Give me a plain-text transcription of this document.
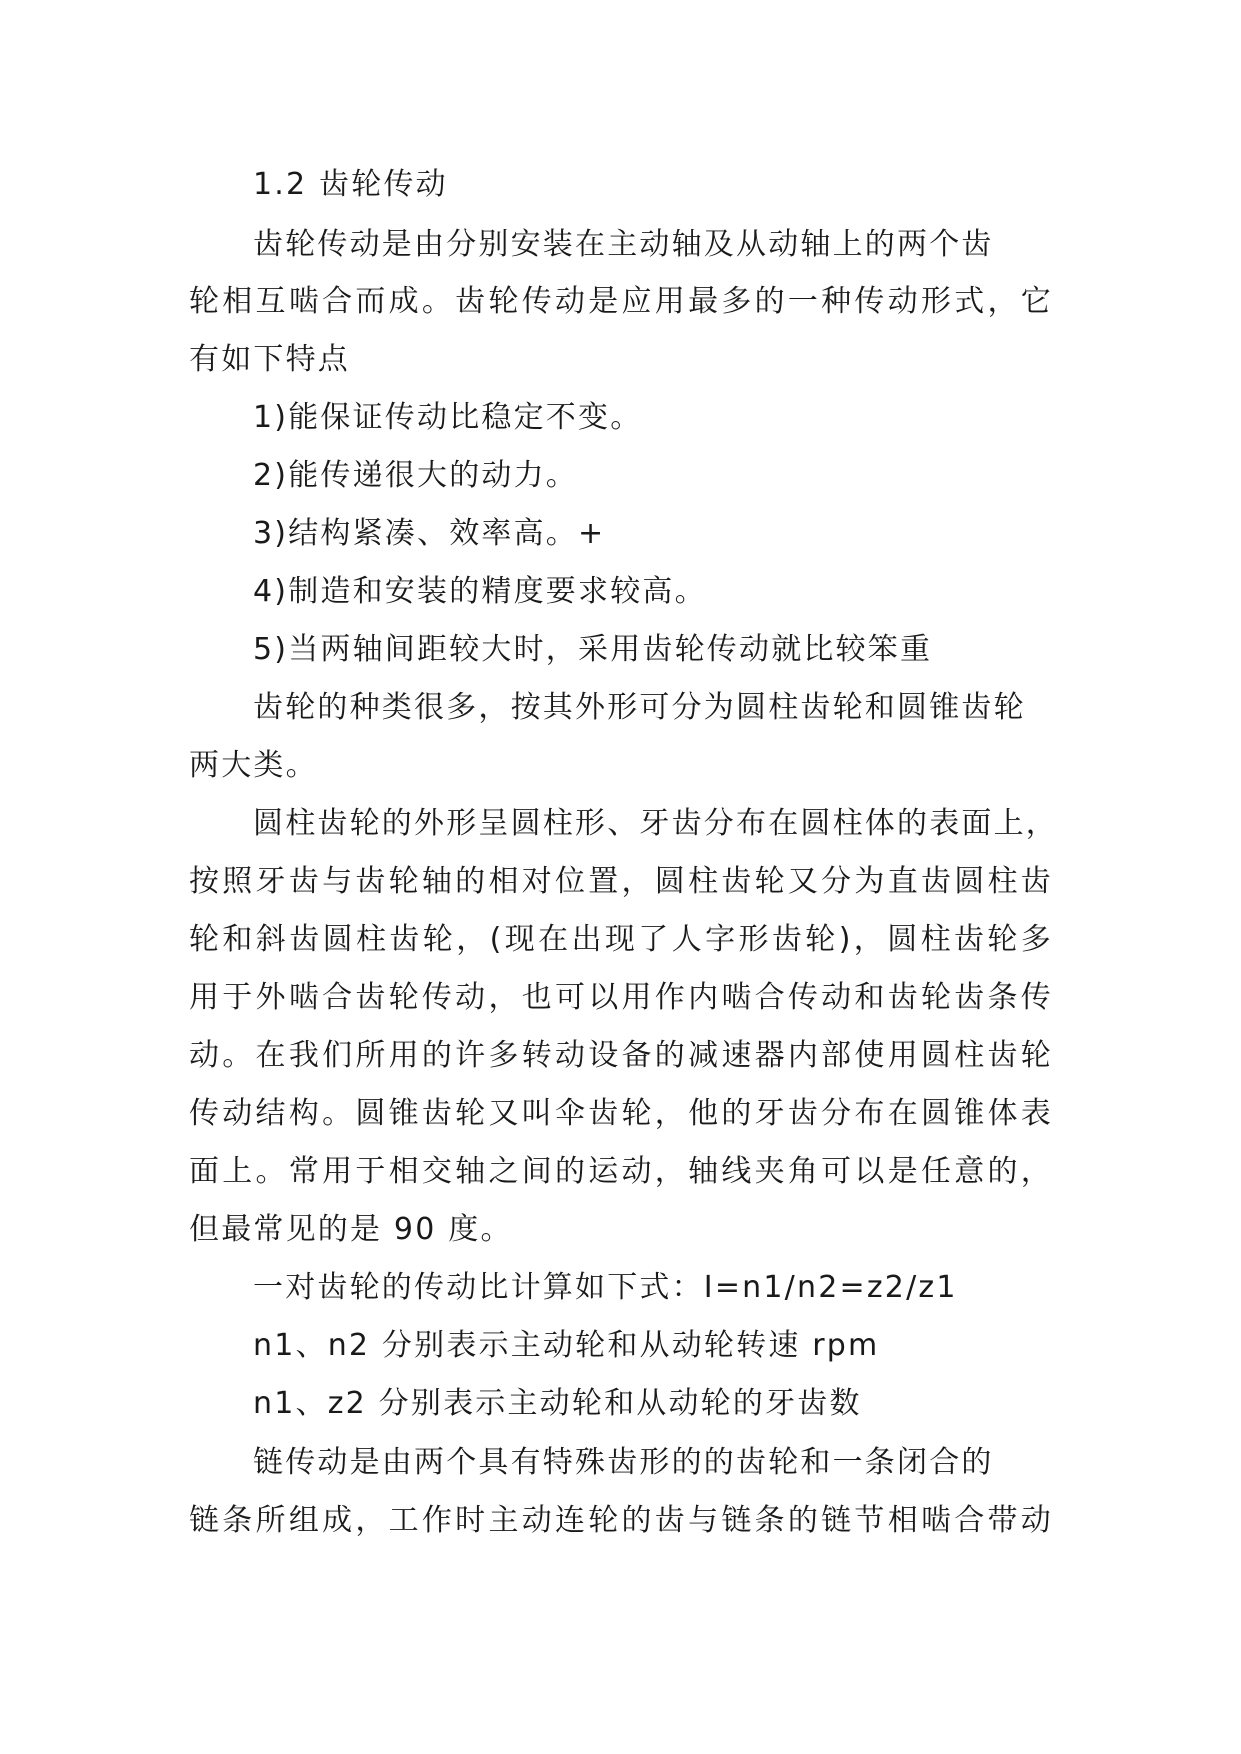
1.2 齿轮传动
齿轮传动是由分别安装在主动轴及从动轴上的两个齿
轮相互啮合而成。齿轮传动是应用最多的一种传动形式，它
有如下特点
1)能保证传动比稳定不变。
2)能传递很大的动力。
3)结构紧凑、效率高。+
4)制造和安装的精度要求较高。
5)当两轴间距较大时，采用齿轮传动就比较笨重
齿轮的种类很多，按其外形可分为圆柱齿轮和圆锥齿轮
两大类。
圆柱齿轮的外形呈圆柱形、牙齿分布在圆柱体的表面上，
按照牙齿与齿轮轴的相对位置，圆柱齿轮又分为直齿圆柱齿
轮和斜齿圆柱齿轮，(现在出现了人字形齿轮)，圆柱齿轮多
用于外啮合齿轮传动，也可以用作内啮合传动和齿轮齿条传
动。在我们所用的许多转动设备的减速器内部使用圆柱齿轮
传动结构。圆锥齿轮又叫伞齿轮，他的牙齿分布在圆锥体表
面上。常用于相交轴之间的运动，轴线夹角可以是任意的，
但最常见的是 90 度。
一对齿轮的传动比计算如下式：I=n1/n2=z2/z1
n1、n2 分别表示主动轮和从动轮转速 rpm
n1、z2 分别表示主动轮和从动轮的牙齿数
链传动是由两个具有特殊齿形的的齿轮和一条闭合的
链条所组成，工作时主动连轮的齿与链条的链节相啮合带动
